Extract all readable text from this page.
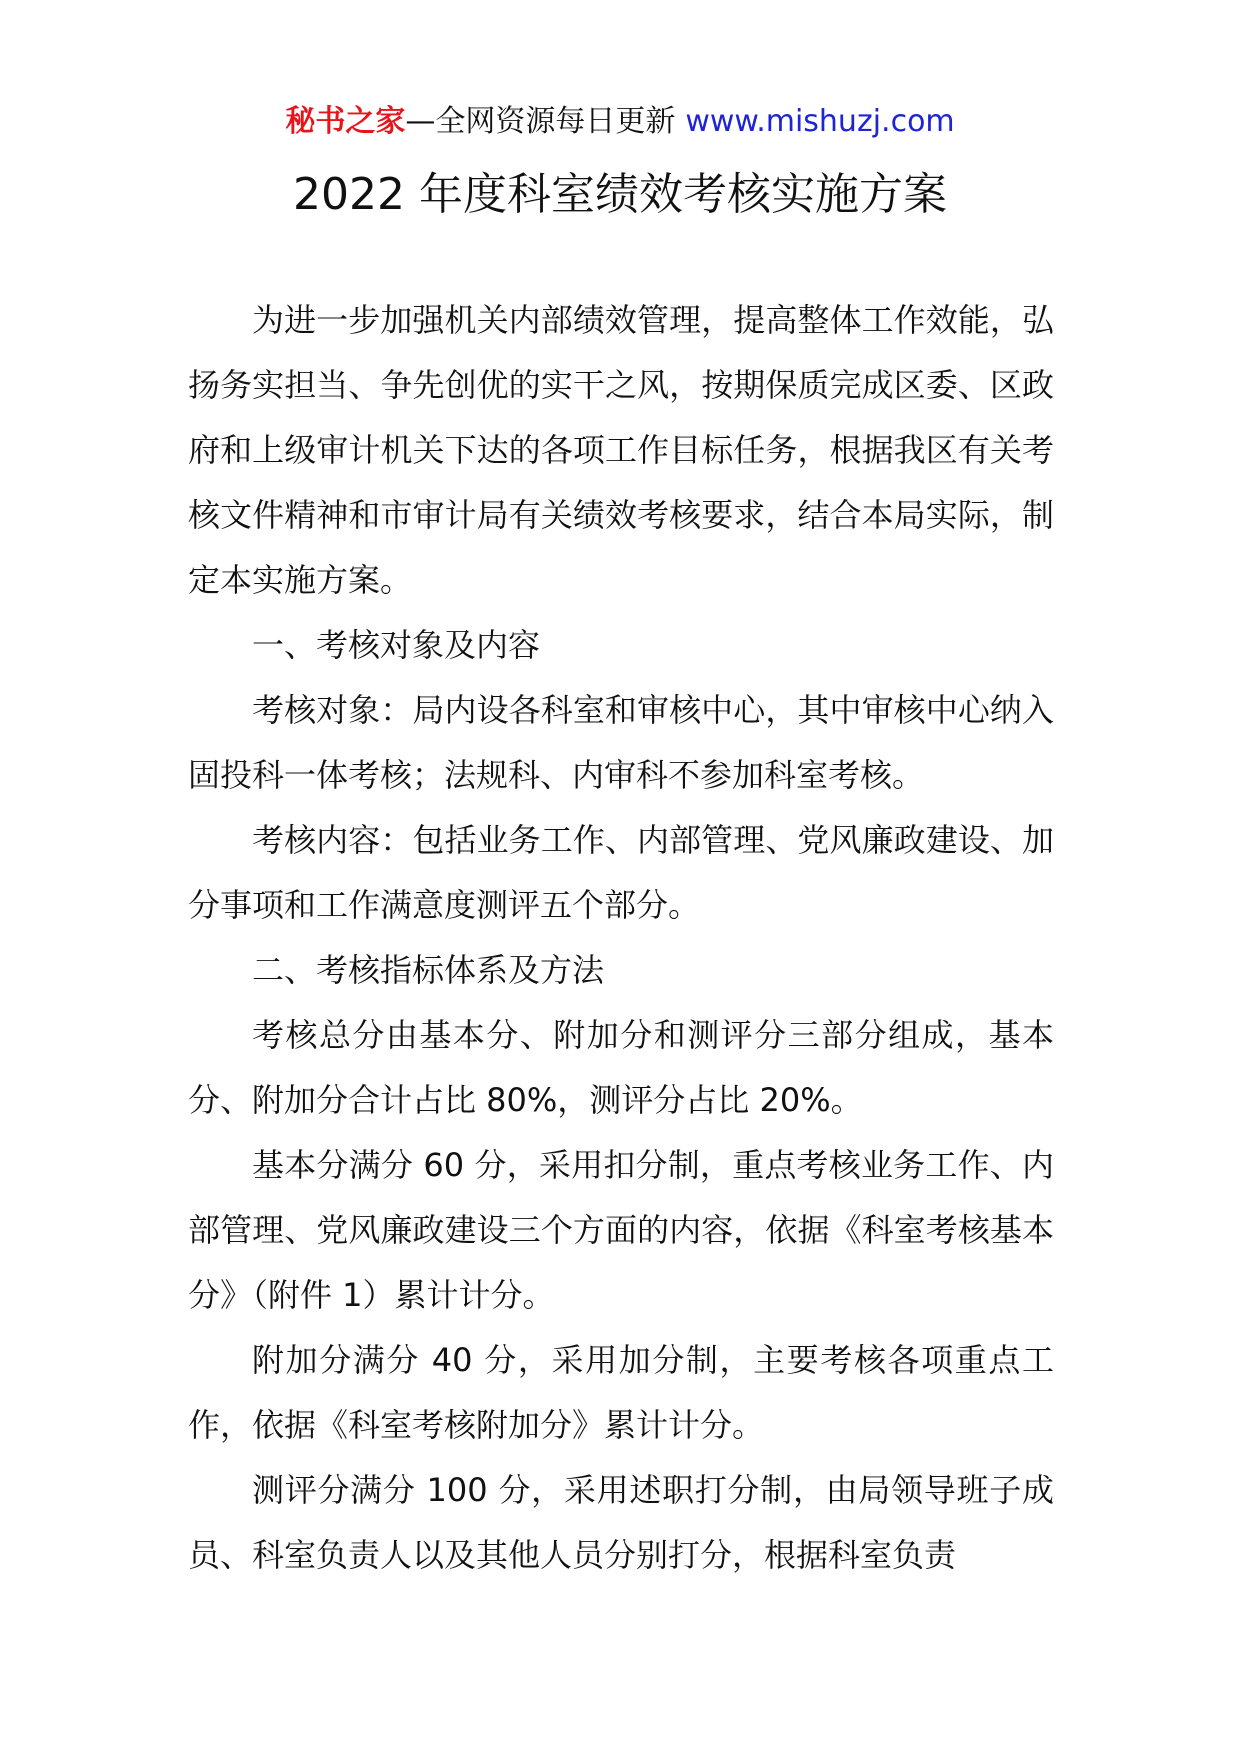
秘书之家—全网资源每日更新 www.mishuzj.com
2022 年度科室绩效考核实施方案

为进一步加强机关内部绩效管理，提高整体工作效能，弘扬务实担当、争先创优的实干之风，按期保质完成区委、区政府和上级审计机关下达的各项工作目标任务，根据我区有关考核文件精神和市审计局有关绩效考核要求，结合本局实际，制定本实施方案。

一、考核对象及内容

考核对象：局内设各科室和审核中心，其中审核中心纳入固投科一体考核；法规科、内审科不参加科室考核。

考核内容：包括业务工作、内部管理、党风廉政建设、加分事项和工作满意度测评五个部分。

二、考核指标体系及方法

考核总分由基本分、附加分和测评分三部分组成，基本分、附加分合计占比 80%，测评分占比 20%。

基本分满分 60 分，采用扣分制，重点考核业务工作、内部管理、党风廉政建设三个方面的内容，依据《科室考核基本分》（附件 1）累计计分。

附加分满分 40 分，采用加分制，主要考核各项重点工作，依据《科室考核附加分》累计计分。

测评分满分 100 分，采用述职打分制，由局领导班子成员、科室负责人以及其他人员分别打分，根据科室负责
